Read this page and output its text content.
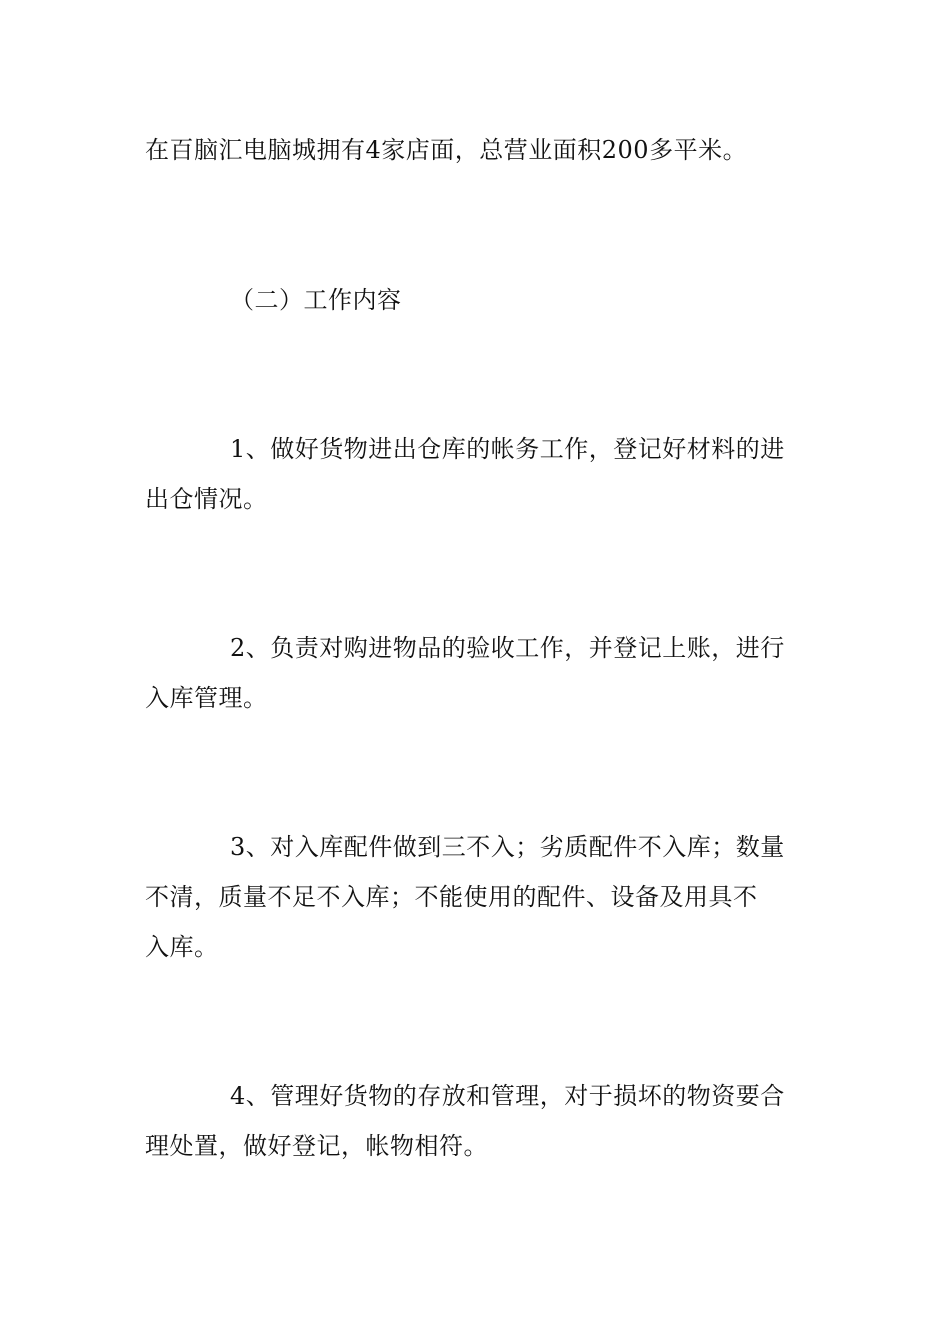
在百脑汇电脑城拥有4家店面，总营业面积200多平米。
（二）工作内容
1、做好货物进出仓库的帐务工作，登记好材料的进
出仓情况。
2、负责对购进物品的验收工作，并登记上账，进行
入库管理。
3、对入库配件做到三不入；劣质配件不入库；数量
不清，质量不足不入库；不能使用的配件、设备及用具不
入库。
4、管理好货物的存放和管理，对于损坏的物资要合
理处置，做好登记，帐物相符。
